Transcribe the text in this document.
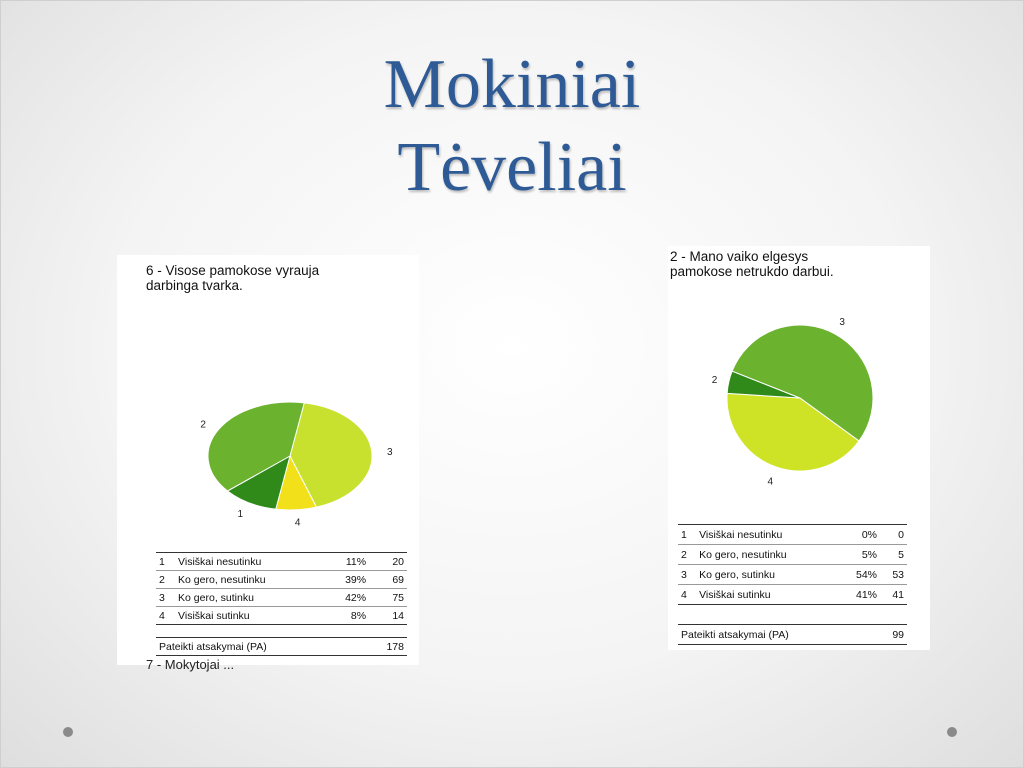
Mokiniai
Tėveliai
6 - Visose pamokose vyrauja
darbinga tvarka.
3
4
1
2
1	Visiškai nesutinku	11%	20
2	Ko gero, nesutinku	39%	69
3	Ko gero, sutinku	42%	75
4	Visiškai sutinku	8%	14

Pateikti atsakymai (PA)			178
7 - Mokytojai ...
2 - Mano vaiko elgesys
pamokose netrukdo darbui.
4
2
3
1	Visiškai nesutinku	0%	0
2	Ko gero, nesutinku	5%	5
3	Ko gero, sutinku	54%	53
4	Visiškai sutinku	41%	41

Pateikti atsakymai (PA)			99
